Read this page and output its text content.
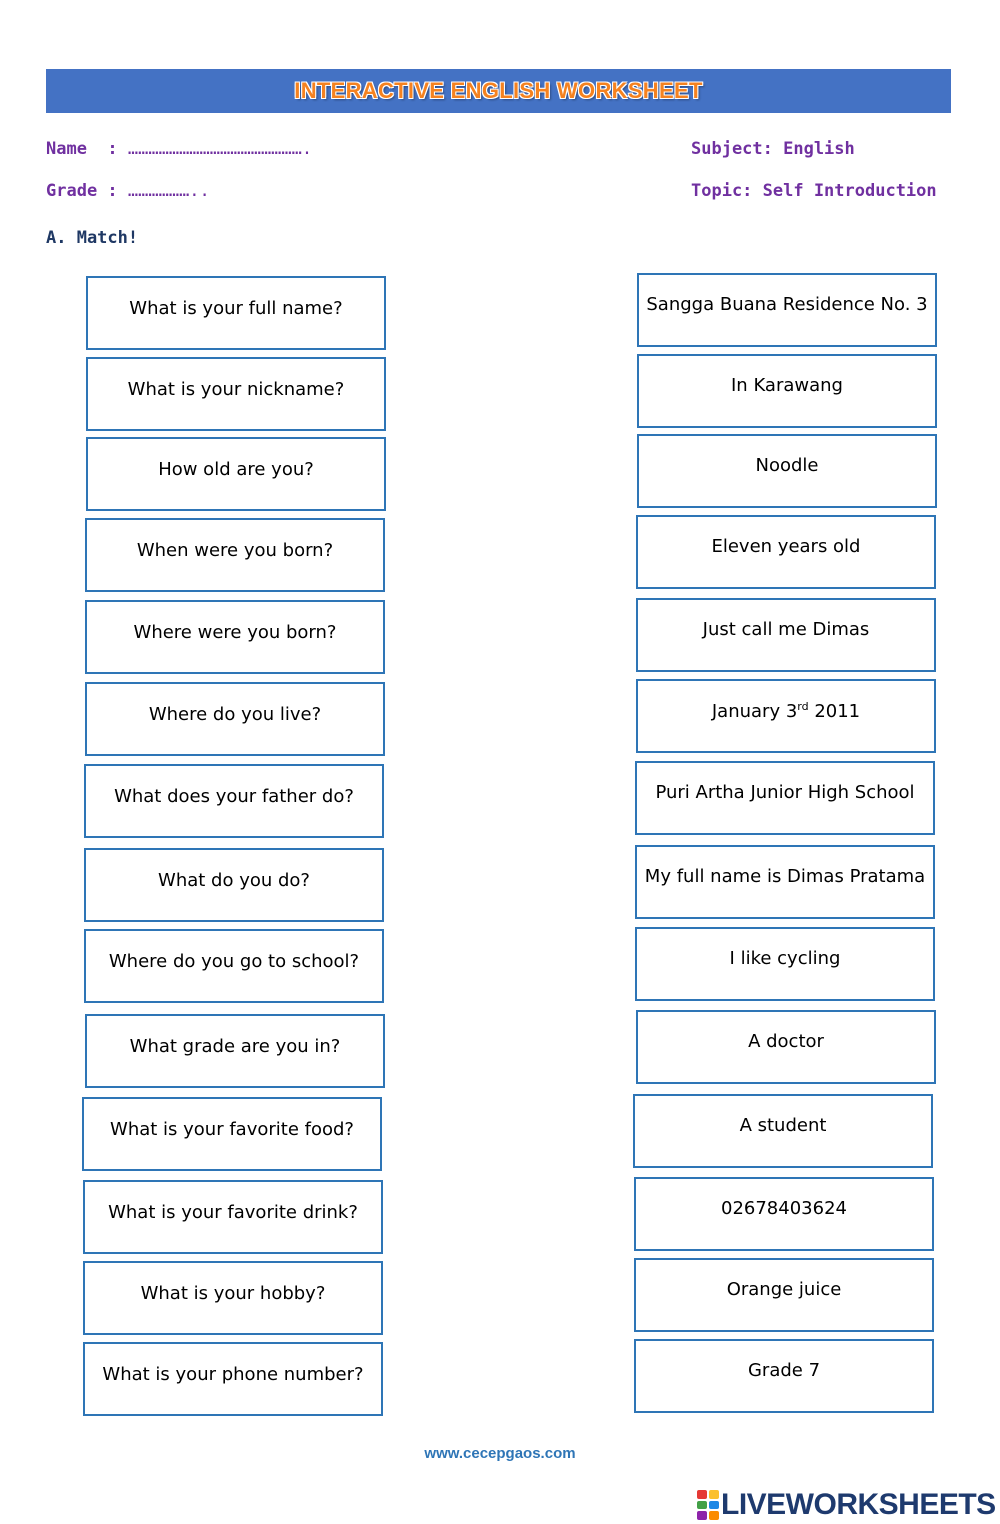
INTERACTIVE ENGLISH WORKSHEET
Name  : …………………………………………….
Grade : ………………..
Subject: English
Topic: Self Introduction
A. Match!
What is your full name?
What is your nickname?
How old are you?
When were you born?
Where were you born?
Where do you live?
What does your father do?
What do you do?
Where do you go to school?
What grade are you in?
What is your favorite food?
What is your favorite drink?
What is your hobby?
What is your phone number?
Sangga Buana Residence No. 3
In Karawang
Noodle
Eleven years old
Just call me Dimas
January 3rd 2011
Puri Artha Junior High School
My full name is Dimas Pratama
I like cycling
A doctor
A student
02678403624
Orange juice
Grade 7
www.cecepgaos.com
LIVEWORKSHEETS
